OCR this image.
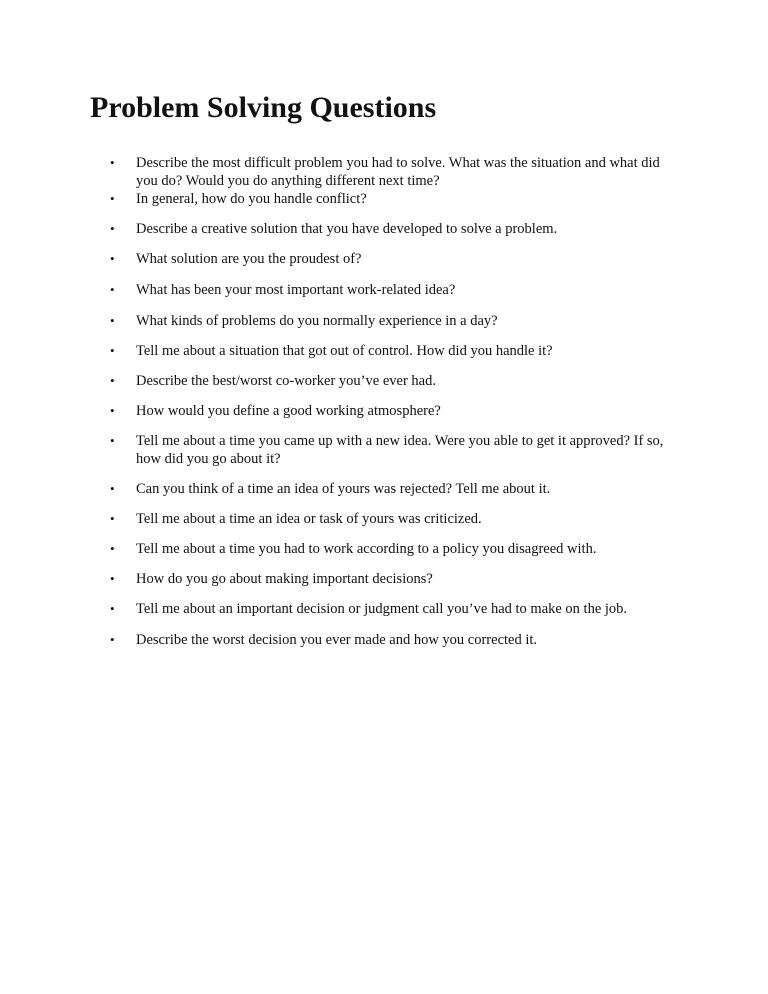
Problem Solving Questions
• Describe the most difficult problem you had to solve. What was the situation and what did you do? Would you do anything different next time?
• In general, how do you handle conflict?
• Describe a creative solution that you have developed to solve a problem.
• What solution are you the proudest of?
• What has been your most important work-related idea?
• What kinds of problems do you normally experience in a day?
• Tell me about a situation that got out of control. How did you handle it?
• Describe the best/worst co-worker you’ve ever had.
• How would you define a good working atmosphere?
• Tell me about a time you came up with a new idea. Were you able to get it approved? If so, how did you go about it?
• Can you think of a time an idea of yours was rejected? Tell me about it.
• Tell me about a time an idea or task of yours was criticized.
• Tell me about a time you had to work according to a policy you disagreed with.
• How do you go about making important decisions?
• Tell me about an important decision or judgment call you’ve had to make on the job.
• Describe the worst decision you ever made and how you corrected it.
